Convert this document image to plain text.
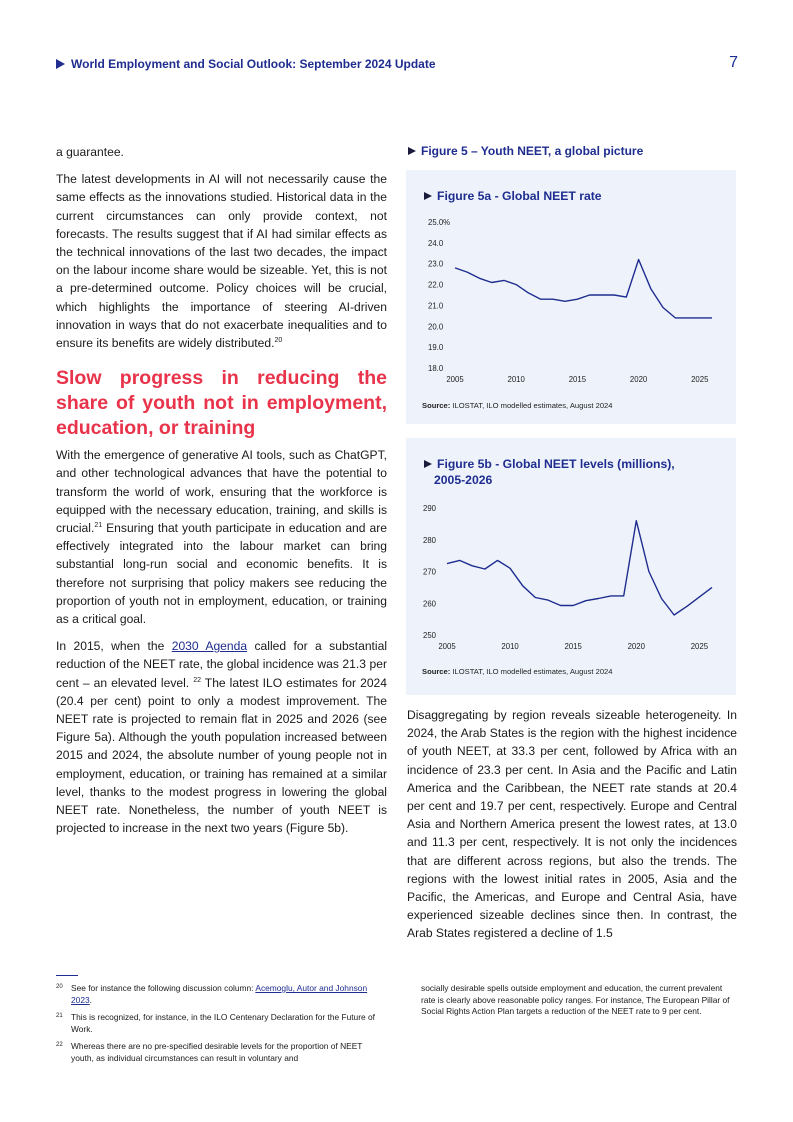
World Employment and Social Outlook: September 2024 Update	7

a guarantee.

The latest developments in AI will not necessarily cause the same effects as the innovations studied. Historical data in the current circumstances can only provide context, not forecasts. The results suggest that if AI had similar effects as the technical innovations of the last two decades, the impact on the labour income share would be sizeable. Yet, this is not a pre-determined outcome. Policy choices will be crucial, which highlights the importance of steering AI-driven innovation in ways that do not exacerbate inequalities and to ensure its benefits are widely distributed.$^{20}$

Slow progress in reducing the share of youth not in employment, education, or training

With the emergence of generative AI tools, such as ChatGPT, and other technological advances that have the potential to transform the world of work, ensuring that the workforce is equipped with the necessary education, training, and skills is crucial.$^{21}$ Ensuring that youth participate in education and are effectively integrated into the labour market can bring substantial long-run social and economic benefits. It is therefore not surprising that policy makers see reducing the proportion of youth not in employment, education, or training as a critical goal.

In 2015, when the 2030 Agenda called for a substantial reduction of the NEET rate, the global incidence was 21.3 per cent – an elevated level. $^{22}$ The latest ILO estimates for 2024 (20.4 per cent) point to only a modest improvement. The NEET rate is projected to remain flat in 2025 and 2026 (see Figure 5a). Although the youth population increased between 2015 and 2024, the absolute number of young people not in employment, education, or training has remained at a similar level, thanks to the modest progress in lowering the global NEET rate. Nonetheless, the number of youth NEET is projected to increase in the next two years (Figure 5b).

Figure 5 – Youth NEET, a global picture
Figure 5a - Global NEET rate
18.0
19.0
20.0
21.0
22.0
23.0
24.0
25.0%
2005	2010	2015	2020	2025
Source: ILOSTAT, ILO modelled estimates, August 2024
Figure 5b - Global NEET levels (millions),
2005-2026
250
260
270
280
290
2005	2010	2015	2020	2025
Source: ILOSTAT, ILO modelled estimates, August 2024

Disaggregating by region reveals sizeable heterogeneity. In 2024, the Arab States is the region with the highest incidence of youth NEET, at 33.3 per cent, followed by Africa with an incidence of 23.3 per cent. In Asia and the Pacific and Latin America and the Caribbean, the NEET rate stands at 20.4 per cent and 19.7 per cent, respectively. Europe and Central Asia and Northern America present the lowest rates, at 13.0 and 11.3 per cent, respectively. It is not only the incidences that are different across regions, but also the trends. The regions with the lowest initial rates in 2005, Asia and the Pacific, the Americas, and Europe and Central Asia, have experienced sizeable declines since then. In contrast, the Arab States registered a decline of 1.5

20 See for instance the following discussion column: Acemoglu, Autor and Johnson 2023.
21 This is recognized, for instance, in the ILO Centenary Declaration for the Future of Work.
22 Whereas there are no pre-specified desirable levels for the proportion of NEET youth, as individual circumstances can result in voluntary and
socially desirable spells outside employment and education, the current prevalent rate is clearly above reasonable policy ranges. For instance, The European Pillar of Social Rights Action Plan targets a reduction of the NEET rate to 9 per cent.
